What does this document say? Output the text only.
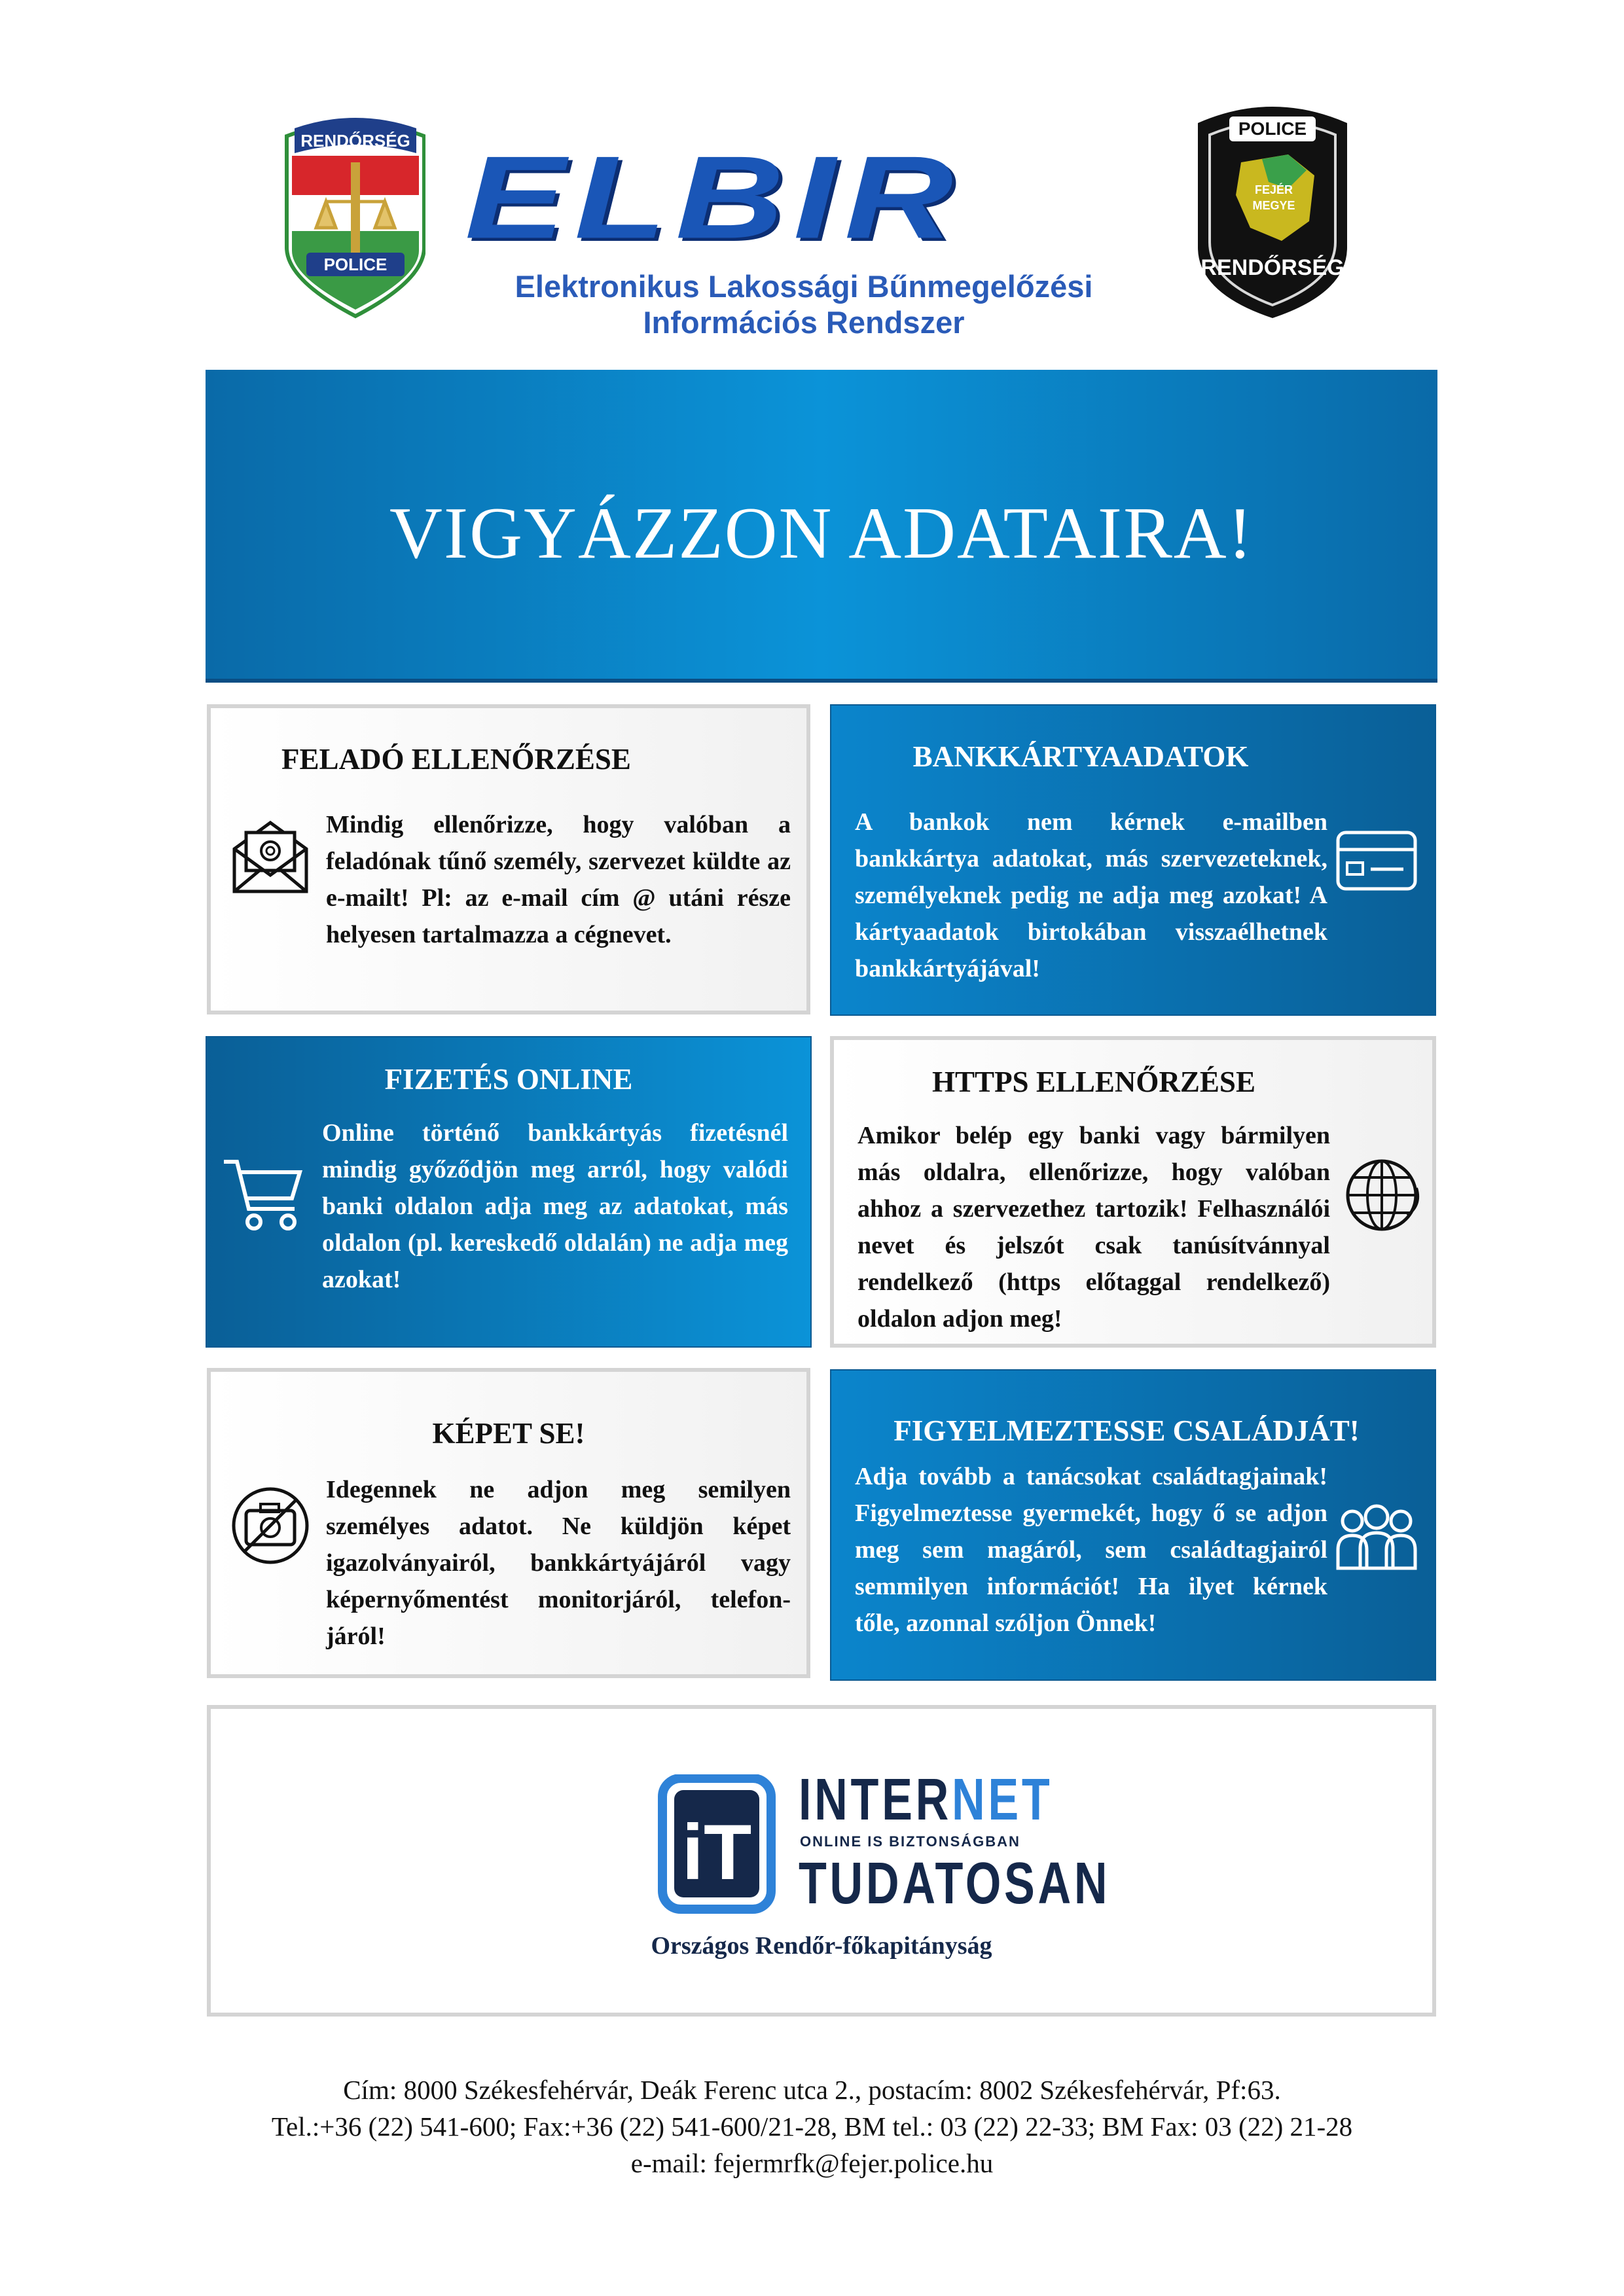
RENDŐRSÉG
POLICE
ELBIR
Elektronikus Lakossági Bűnmegelőzési Információs Rendszer
POLICE
FEJÉR
MEGYE
RENDŐRSÉG
VIGYÁZZON ADATAIRA!
FELADÓ ELLENŐRZÉSE
Mindig ellenőrizze, hogy valóban a feladónak tűnő személy, szervezet küldte az e-mailt! Pl: az e-mail cím @ utáni része helyesen tartalmazza a cégnevet.
BANKKÁRTYAADATOK
A bankok nem kérnek e-mailben bankkártya adatokat, más szervezeteknek, személyeknek pedig ne adja meg azokat! A kártyaadatok birtokában visszaélhetnek bankkártyájával!
FIZETÉS ONLINE
Online történő bankkártyás fizetésnél mindig győződjön meg arról, hogy valódi banki oldalon adja meg az adatokat, más oldalon (pl. kereskedő oldalán) ne adja meg azokat!
HTTPS ELLENŐRZÉSE
Amikor belép egy banki vagy bármilyen más oldalra, ellenőrizze, hogy valóban ahhoz a szervezethez tartozik! Felhasználói nevet és jelszót csak tanúsítvánnyal rendelkező (https előtaggal rendelkező) oldalon adjon meg!
KÉPET SE!
Idegennek ne adjon meg semilyen személyes adatot. Ne küldjön képet igazolványairól, bankkártyájáról vagy képernyőmentést monitorjáról, telefon-járól!
FIGYELMEZTESSE CSALÁDJÁT!
Adja tovább a tanácsokat családtagjainak! Figyelmeztesse gyermekét, hogy ő se adjon meg sem magáról, sem családtagjairól semmilyen információt! Ha ilyet kérnek tőle, azonnal szóljon Önnek!
iT
INTERNET
ONLINE IS BIZTONSÁGBAN
TUDATOSAN
Országos Rendőr-főkapitányság
Cím: 8000 Székesfehérvár, Deák Ferenc utca 2., postacím: 8002 Székesfehérvár, Pf:63.
Tel.:+36 (22) 541-600; Fax:+36 (22) 541-600/21-28, BM tel.: 03 (22) 22-33; BM Fax: 03 (22) 21-28
e-mail: fejermrfk@fejer.police.hu
